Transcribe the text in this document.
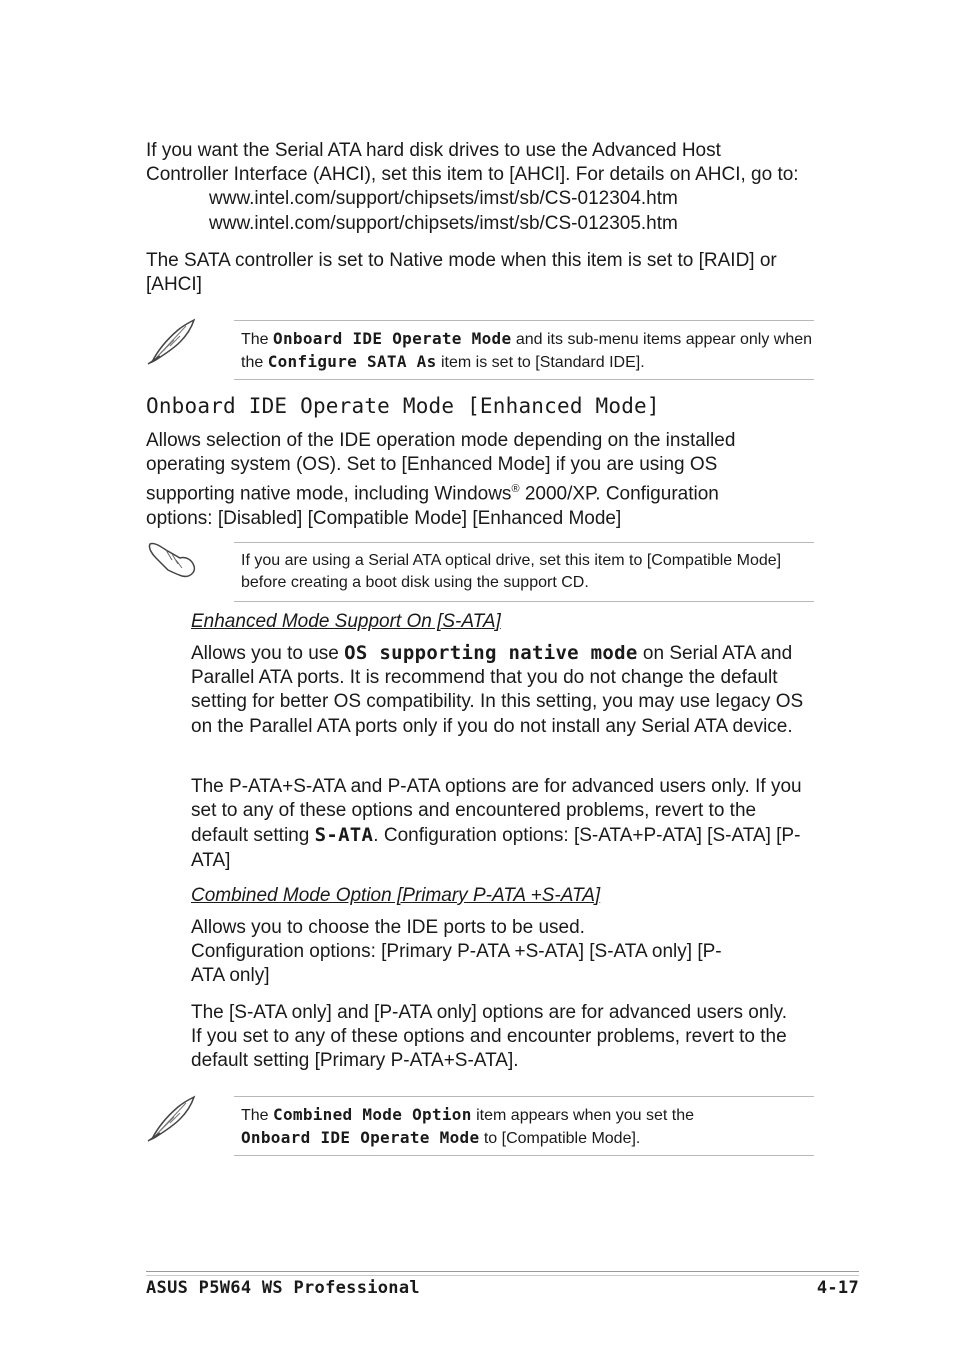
If you want the Serial ATA hard disk drives to use the Advanced Host
Controller Interface (AHCI), set this item to [AHCI]. For details on AHCI, go to:
www.intel.com/support/chipsets/imst/sb/CS-012304.htm
www.intel.com/support/chipsets/imst/sb/CS-012305.htm

The SATA controller is set to Native mode when this item is set to [RAID] or [AHCI]

The Onboard IDE Operate Mode and its sub-menu items appear only when the Configure SATA As item is set to [Standard IDE].
Onboard IDE Operate Mode [Enhanced Mode]

Allows selection of the IDE operation mode depending on the installed operating system (OS). Set to [Enhanced Mode] if you are using OS supporting native mode, including Windows® 2000/XP. Configuration options: [Disabled] [Compatible Mode] [Enhanced Mode]

If you are using a Serial ATA optical drive, set this item to [Compatible Mode] before creating a boot disk using the support CD.
Enhanced Mode Support On [S-ATA]

Allows you to use OS supporting native mode on Serial ATA and Parallel ATA ports. It is recommend that you do not change the default setting for better OS compatibility. In this setting, you may use legacy OS on the Parallel ATA ports only if you do not install any Serial ATA device.

The P-ATA+S-ATA and P-ATA options are for advanced users only. If you set to any of these options and encountered problems, revert to the default setting S-ATA. Configuration options: [S-ATA+P-ATA] [S-ATA] [P-ATA]

Combined Mode Option [Primary P-ATA +S-ATA]

Allows you to choose the IDE ports to be used.
Configuration options: [Primary P-ATA +S-ATA] [S-ATA only] [P-ATA only]

The [S-ATA only] and [P-ATA only] options are for advanced users only. If you set to any of these options and encounter problems, revert to the default setting [Primary P-ATA+S-ATA].

The Combined Mode Option item appears when you set the
Onboard IDE Operate Mode to [Compatible Mode].
ASUS P5W64 WS Professional	4-17
